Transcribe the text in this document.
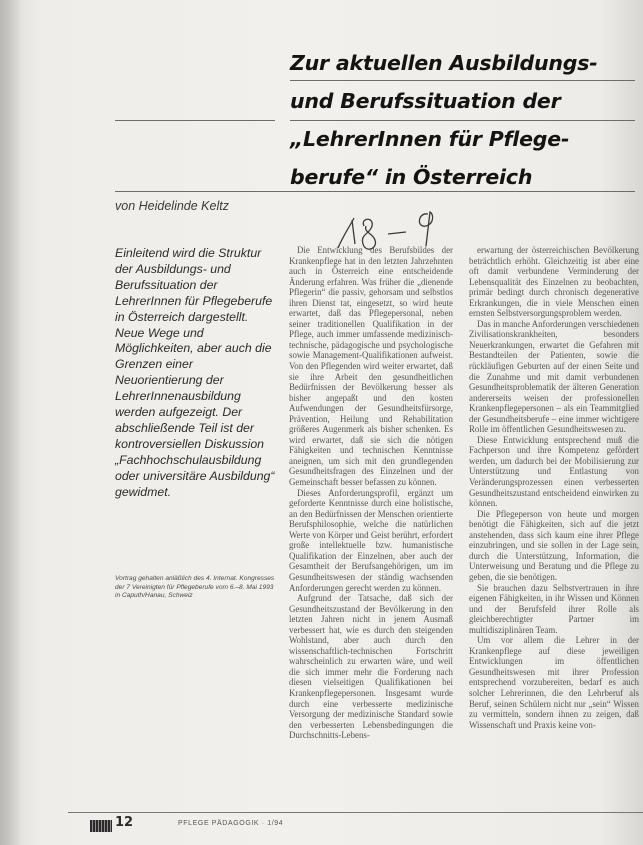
Zur aktuellen Ausbildungs-
und Berufssituation der
„LehrerInnen für Pflege-
berufe“ in Österreich
von Heidelinde Keltz
Einleitend wird die Struktur der Ausbildungs- und Berufssituation der LehrerInnen für Pflegeberufe in Österreich dargestellt. Neue Wege und Möglichkeiten, aber auch die Grenzen einer Neuorientierung der LehrerInnenausbildung werden aufgezeigt. Der abschließende Teil ist der kontroversiellen Diskussion „Fachhochschulausbildung oder universitäre Ausbildung“ gewidmet.
Vortrag gehalten anläßlich des 4. Internat. Kongresses der 7 Vereinigten für Pflegeberufe vom 6.–8. Mai 1993 in Caputh/Hanau, Schweiz

Die Entwicklung des Berufsbildes der Krankenpflege hat in den letzten Jahrzehnten auch in Österreich eine entscheidende Änderung erfahren. Was früher die „dienende Pflegerin“ die passiv, gehorsam und selbstlos ihren Dienst tat, eingesetzt, so wird heute erwartet, daß das Pflegepersonal, neben seiner traditionellen Qualifikation in der Pflege, auch immer umfassende medizinisch-technische, pädagogische und psychologische sowie Management-Qualifikationen aufweist. Von den Pflegenden wird weiter erwartet, daß sie ihre Arbeit den gesundheitlichen Bedürfnissen der Bevölkerung besser als bisher angepaßt und den kosten Aufwendungen der Gesundheitsfürsorge, Prävention, Heilung und Rehabilitation größeres Augenmerk als bisher schenken. Es wird erwartet, daß sie sich die nötigen Fähigkeiten und technischen Kenntnisse aneignen, um sich mit den grundlegenden Gesundheitsfragen des Einzelnen und der Gemeinschaft besser befassen zu können.

Dieses Anforderungsprofil, ergänzt um geforderte Kenntnisse durch eine holistische, an den Bedürfnissen der Menschen orientierte Berufsphilosophie, welche die natürlichen Werte von Körper und Geist berührt, erfordert große intellektuelle bzw. humanistische Qualifikation der Einzelnen, aber auch der Gesamtheit der Berufsangehörigen, um im Gesundheitswesen der ständig wachsenden Anforderungen gerecht werden zu können.

Aufgrund der Tatsache, daß sich der Gesundheitszustand der Bevölkerung in den letzten Jahren nicht in jenem Ausmaß verbessert hat, wie es durch den steigenden Wohlstand, aber auch durch den wissenschaftlich-technischen Fortschritt wahrscheinlich zu erwarten wäre, und weil die sich immer mehr die Forderung nach diesen vielseitigen Qualifikationen bei Krankenpflegepersonen. Insgesamt wurde durch eine verbesserte medizinische Versorgung der medizinische Standard sowie den verbesserten Lebensbedingungen die Durchschnitts-Lebens-

erwartung der österreichischen Bevölkerung beträchtlich erhöht. Gleichzeitig ist aber eine oft damit verbundene Verminderung der Lebensqualität des Einzelnen zu beobachten, primär bedingt durch chronisch degenerative Erkrankungen, die in viele Menschen einen ernsten Selbstversorgungsproblem werden.

Das in manche Anforderungen verschiedenen Zivilisationskrankheiten, besonders Neuerkrankungen, erwartet die Gefahren mit Bestandteilen der Patienten, sowie die rückläufigen Geburten auf der einen Seite und die Zunahme und mit damit verbundenen Gesundheitsproblematik der älteren Generation andererseits weisen der professionellen Krankenpflegepersonen – als ein Teammitglied der Gesundheitsberufe – eine immer wichtigere Rolle im öffentlichen Gesundheitswesen zu.

Diese Entwicklung entsprechend muß die Fachperson und ihre Kompetenz gefördert werden, um dadurch bei der Mobilisierung zur Unterstützung und Entlastung von Veränderungsprozessen einen verbesserten Gesundheitszustand entscheidend einwirken zu können.

Die Pflegeperson von heute und morgen benötigt die Fähigkeiten, sich auf die jetzt anstehenden, dass sich kaum eine ihrer Pflege einzubringen, und sie sollen in der Lage sein, durch die Unterstützung, Information, die Unterweisung und Beratung und die Pflege zu geben, die sie benötigen.

Sie brauchen dazu Selbstvertrauen in ihre eigenen Fähigkeiten, in ihr Wissen und Können und der Berufsfeld ihrer Rolle als gleichberechtigter Partner im multidisziplinären Team.

Um vor allem die Lehrer in der Krankenpflege auf diese jeweiligen Entwicklungen im öffentlichen Gesundheitswesen mit ihrer Profession entsprechend vorzubereiten, bedarf es auch solcher Lehrerinnen, die den Lehrberuf als Beruf, seinen Schülern nicht nur „sein“ Wissen zu vermitteln, sondern ihnen zu zeigen, daß Wissenschaft und Praxis keine von-

12	PFLEGE PÄDAGOGIK · 1/94
